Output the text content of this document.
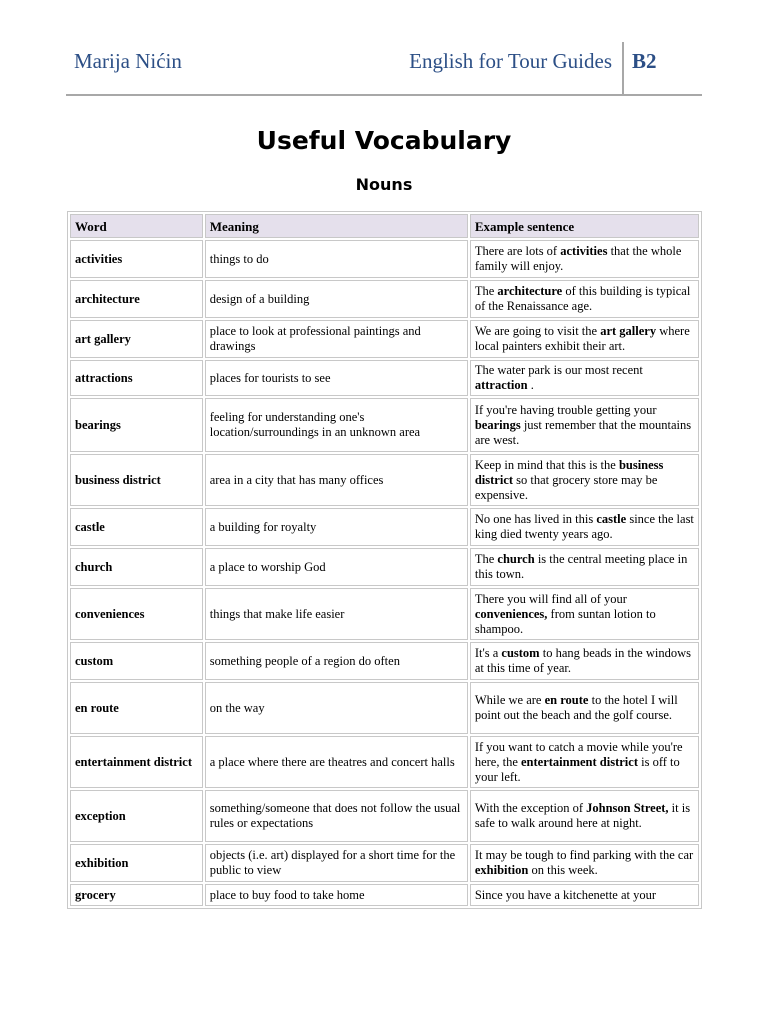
Marija Nićin	English for Tour Guides B2
Useful Vocabulary
Nouns
Word	Meaning	Example sentence
activities	things to do	There are lots of activities that the whole family will enjoy.
architecture	design of a building	The architecture of this building is typical of the Renaissance age.
art gallery	place to look at professional paintings and drawings	We are going to visit the art gallery where local painters exhibit their art.
attractions	places for tourists to see	The water park is our most recent attraction .
bearings	feeling for understanding one's location/surroundings in an unknown area	If you're having trouble getting your bearings just remember that the mountains are west.
business district	area in a city that has many offices	Keep in mind that this is the business district so that grocery store may be expensive.
castle	a building for royalty	No one has lived in this castle since the last king died twenty years ago.
church	a place to worship God	The church is the central meeting place in this town.
conveniences	things that make life easier	There you will find all of your conveniences, from suntan lotion to shampoo.
custom	something people of a region do often	It's a custom to hang beads in the windows at this time of year.
en route	on the way	While we are en route to the hotel I will point out the beach and the golf course.
entertainment district	a place where there are theatres and concert halls	If you want to catch a movie while you're here, the entertainment district is off to your left.
exception	something/someone that does not follow the usual rules or expectations	With the exception of Johnson Street, it is safe to walk around here at night.
exhibition	objects (i.e. art) displayed for a short time for the public to view	It may be tough to find parking with the car exhibition on this week.
grocery	place to buy food to take home	Since you have a kitchenette at your
